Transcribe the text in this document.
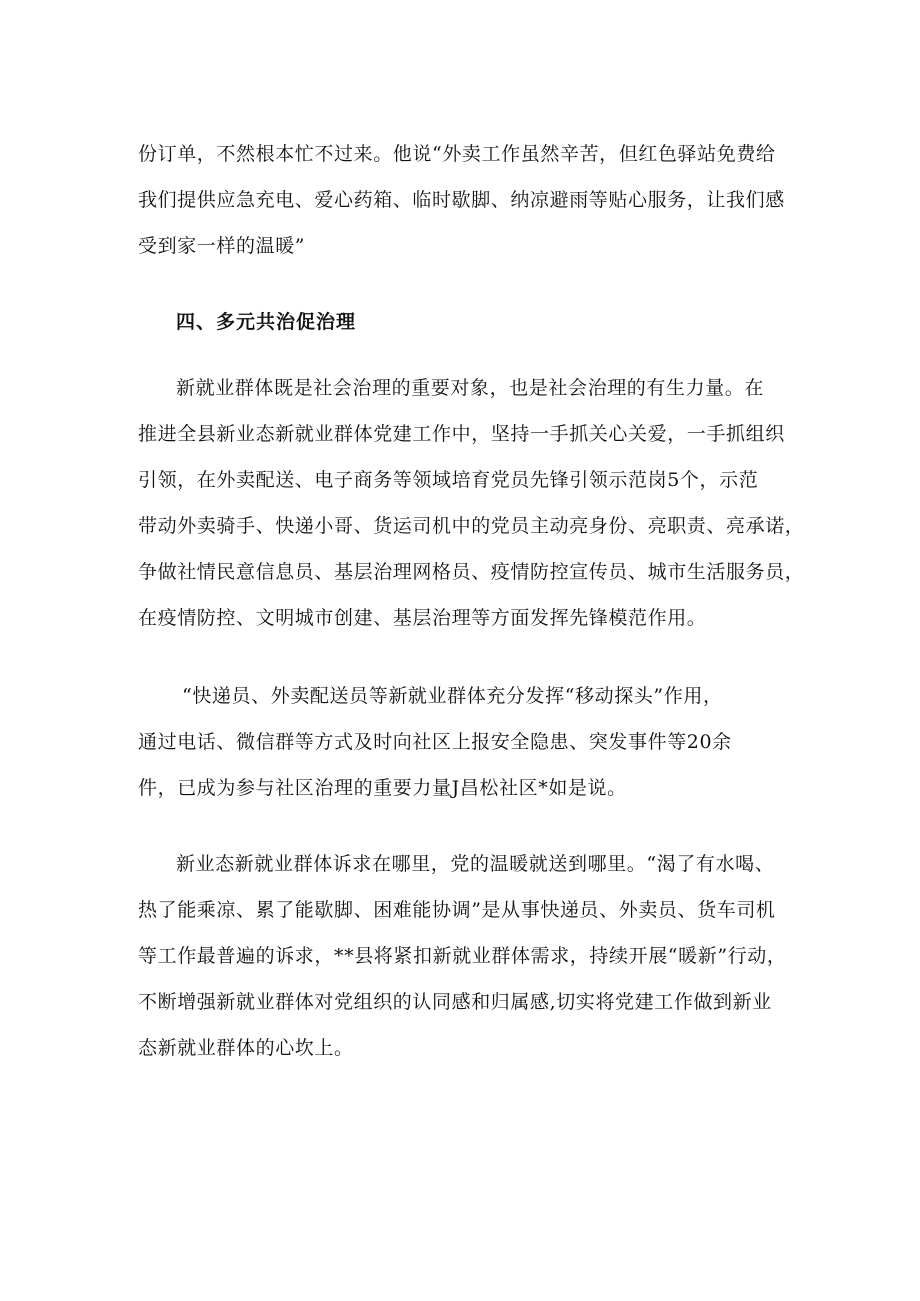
份订单，不然根本忙不过来。他说“外卖工作虽然辛苦，但红色驿站免费给
我们提供应急充电、爱心药箱、临时歇脚、纳凉避雨等贴心服务，让我们感
受到家一样的温暖”
四、多元共治促治理
新就业群体既是社会治理的重要对象，也是社会治理的有生力量。在
推进全县新业态新就业群体党建工作中，坚持一手抓关心关爱，一手抓组织
引领，在外卖配送、电子商务等领域培育党员先锋引领示范岗5个，示范
带动外卖骑手、快递小哥、货运司机中的党员主动亮身份、亮职责、亮承诺，
争做社情民意信息员、基层治理网格员、疫情防控宣传员、城市生活服务员，
在疫情防控、文明城市创建、基层治理等方面发挥先锋模范作用。
“快递员、外卖配送员等新就业群体充分发挥“移动探头”作用，
通过电话、微信群等方式及时向社区上报安全隐患、突发事件等20余
件，已成为参与社区治理的重要力量J昌松社区*如是说。
新业态新就业群体诉求在哪里，党的温暖就送到哪里。“渴了有水喝、
热了能乘凉、累了能歇脚、困难能协调”是从事快递员、外卖员、货车司机
等工作最普遍的诉求，**县将紧扣新就业群体需求，持续开展“暖新”行动，
不断增强新就业群体对党组织的认同感和归属感,切实将党建工作做到新业
态新就业群体的心坎上。
